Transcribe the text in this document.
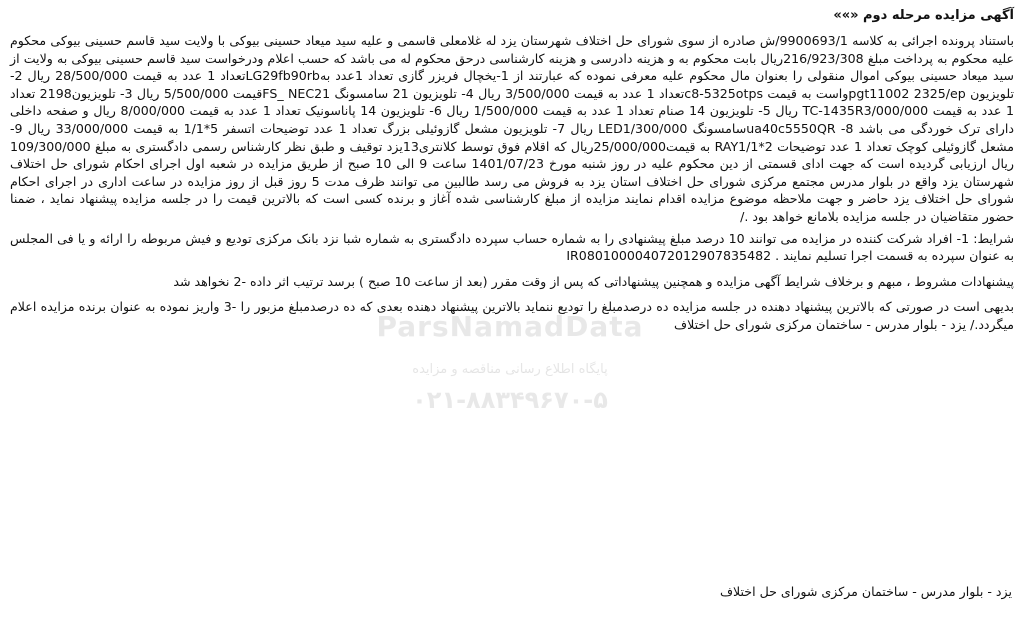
آگهی مزایده مرحله دوم «»»

باستناد پرونده اجرائی به کلاسه 9900693/1/ش صادره از سوی شورای حل اختلاف شهرستان یزد له غلامعلی قاسمی و علیه سید میعاد حسینی بیوکی با ولایت سید قاسم حسینی بیوکی محکوم علیه محکوم به پرداخت مبلغ 216/923/308ریال بابت محکوم به و هزینه دادرسی و هزینه کارشناسی درحق محکوم له می باشد که حسب اعلام ودرخواست سید قاسم حسینی بیوکی به ولایت از سید میعاد حسینی بیوکی اموال منقولی را بعنوان مال محکوم علیه معرفی نموده که عبارتند از 1-یخچال فریزر گازی تعداد 1عدد بهLG29fb90rbتعداد 1 عدد به قیمت 28/500/000 ریال 2- تلویزیون pgt11002 2325/epواست به قیمت c8-5325otpsتعداد 1 عدد به قیمت 3/500/000 ریال 4- تلویزیون 21 سامسونگ FS_ NEC21قیمت 5/500/000 ریال 3- تلویزیون2198 تعداد 1 عدد به قیمت TC-1435R3/000/000 ریال 5- تلویزیون 14 صنام تعداد 1 عدد به قیمت 1/500/000 ریال 6- تلویزیون 14 پاناسونیک تعداد 1 عدد به قیمت 8/000/000 ریال و صفحه داخلی دارای ترک خوردگی می باشد 8- ua40c5550QRسامسونگ LED1/300/000 ریال 7- تلویزیون مشعل گازوئیلی بزرگ تعداد 1 عدد توضیحات اتسفر 5*1/1 به قیمت 33/000/000 ریال 9- مشعل گازوئیلی کوچک تعداد 1 عدد توضیحات RAY1/1*2 به قیمت25/000/000ریال که اقلام فوق توسط کلانتری13یزد توقیف و طبق نظر کارشناس رسمی دادگستری به مبلغ 109/300/000 ریال ارزیابی گردیده است که جهت ادای قسمتی از دین محکوم علیه در روز شنبه مورخ 1401/07/23 ساعت 9 الی 10 صبح از طریق مزایده در شعبه اول اجرای احکام شورای حل اختلاف شهرستان یزد واقع در بلوار مدرس مجتمع مرکزی شورای حل اختلاف استان یزد به فروش می رسد طالبین می توانند ظرف مدت 5 روز قبل از روز مزایده در ساعت اداری در اجرای احکام شورای حل اختلاف یزد حاضر و جهت ملاحظه موضوع مزایده اقدام نمایند مزایده از مبلغ کارشناسی شده آغاز و برنده کسی است که بالاترین قیمت را در جلسه مزایده پیشنهاد نماید ، ضمنا حضور متقاضیان در جلسه مزایده بلامانع خواهد بود ./

شرایط: 1- افراد شرکت کننده در مزایده می توانند 10 درصد مبلغ پیشنهادی را به شماره حساب سپرده دادگستری به شماره شبا نزد بانک مرکزی توديع و فیش مربوطه را ارائه و یا فی المجلس به عنوان سپرده به قسمت اجرا تسلیم نمایند . IR080100004072012907835482

پیشنهادات مشروط ، مبهم و برخلاف شرایط آگهی مزایده و همچنین پیشنهاداتی که پس از وقت مقرر (بعد از ساعت 10 صبح ) برسد ترتیب اثر داده -2 نخواهد شد

بدیهی است در صورتی که بالاترین پیشنهاد دهنده در جلسه مزایده ده درصدمبلغ را توديع ننماید بالاترین پیشنهاد دهنده بعدی که ده درصدمبلغ مزبور را -3 واریز نموده به عنوان برنده مزایده اعلام میگردد./ یزد - بلوار مدرس - ساختمان مرکزی شورای حل اختلاف

یزد - بلوار مدرس - ساختمان مرکزی شورای حل اختلاف
ParsNamadData
پایگاه اطلاع رسانی مناقصه و مزایده
۰۲۱-۸۸۳۴۹۶۷۰-۵
